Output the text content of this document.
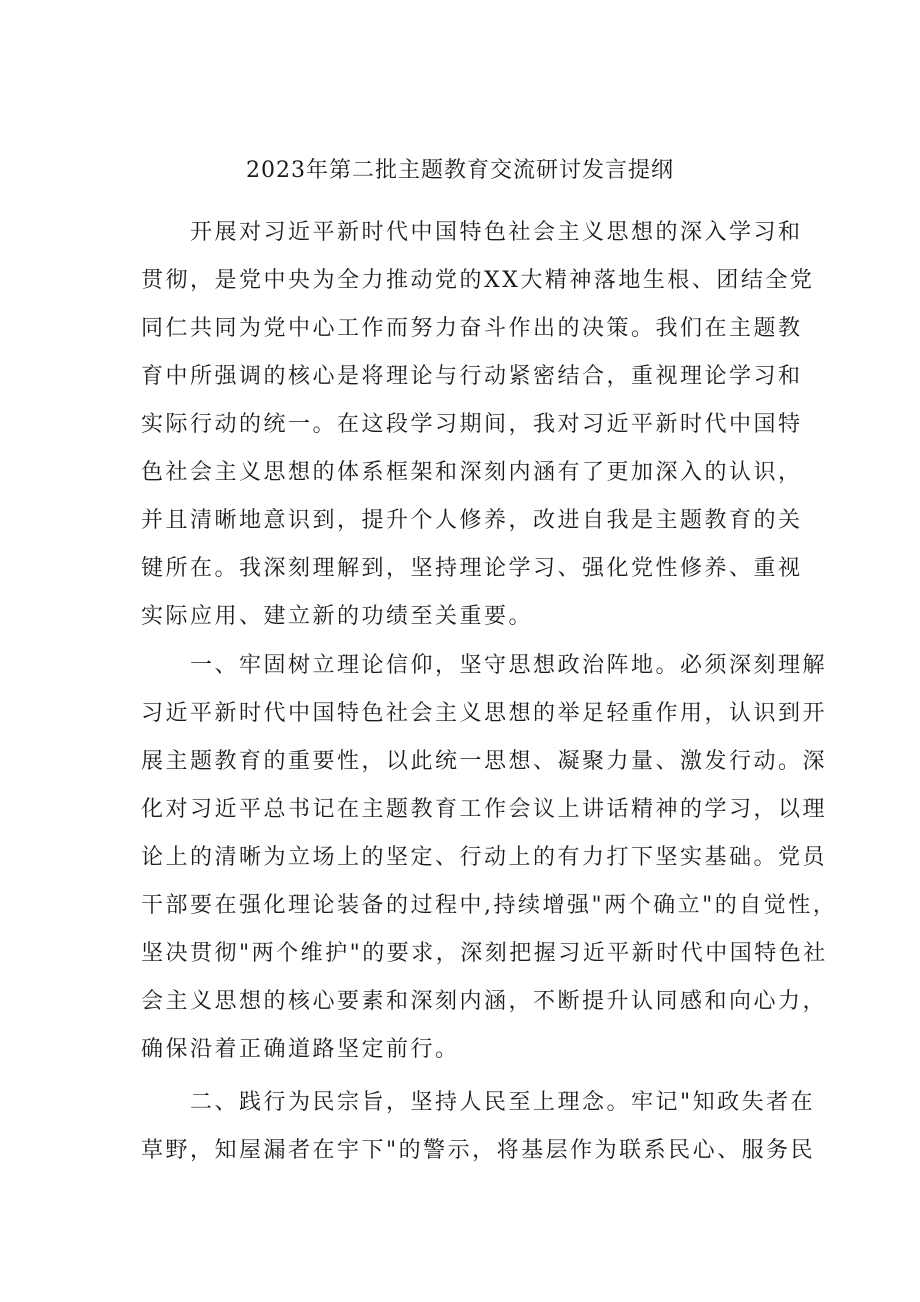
2023年第二批主题教育交流研讨发言提纲
开展对习近平新时代中国特色社会主义思想的深入学习和
贯彻，是党中央为全力推动党的XX大精神落地生根、团结全党
同仁共同为党中心工作而努力奋斗作出的决策。我们在主题教
育中所强调的核心是将理论与行动紧密结合，重视理论学习和
实际行动的统一。在这段学习期间，我对习近平新时代中国特
色社会主义思想的体系框架和深刻内涵有了更加深入的认识，
并且清晰地意识到，提升个人修养，改进自我是主题教育的关
键所在。我深刻理解到，坚持理论学习、强化党性修养、重视
实际应用、建立新的功绩至关重要。
一、牢固树立理论信仰，坚守思想政治阵地。必须深刻理解
习近平新时代中国特色社会主义思想的举足轻重作用，认识到开
展主题教育的重要性，以此统一思想、凝聚力量、激发行动。深
化对习近平总书记在主题教育工作会议上讲话精神的学习，以理
论上的清晰为立场上的坚定、行动上的有力打下坚实基础。党员
干部要在强化理论装备的过程中,持续增强"两个确立"的自觉性，
坚决贯彻"两个维护"的要求，深刻把握习近平新时代中国特色社
会主义思想的核心要素和深刻内涵，不断提升认同感和向心力，
确保沿着正确道路坚定前行。
二、践行为民宗旨，坚持人民至上理念。牢记"知政失者在
草野，知屋漏者在宇下"的警示，将基层作为联系民心、服务民
